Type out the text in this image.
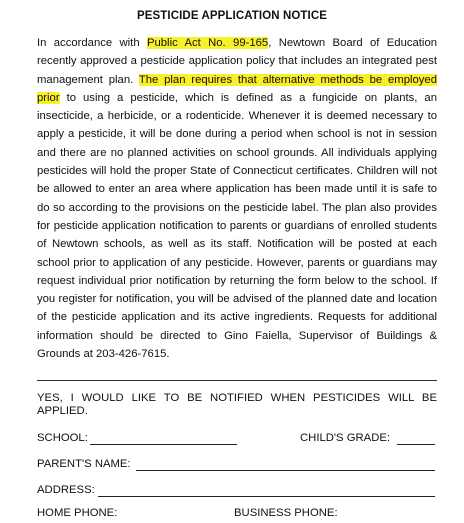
PESTICIDE APPLICATION NOTICE

In accordance with Public Act No. 99-165, Newtown Board of Education recently approved a pesticide application policy that includes an integrated pest management plan. The plan requires that alternative methods be employed prior to using a pesticide, which is defined as a fungicide on plants, an insecticide, a herbicide, or a rodenticide. Whenever it is deemed necessary to apply a pesticide, it will be done during a period when school is not in session and there are no planned activities on school grounds. All individuals applying pesticides will hold the proper State of Connecticut certificates. Children will not be allowed to enter an area where application has been made until it is safe to do so according to the provisions on the pesticide label. The plan also provides for pesticide application notification to parents or guardians of enrolled students of Newtown schools, as well as its staff. Notification will be posted at each school prior to application of any pesticide. However, parents or guardians may request individual prior notification by returning the form below to the school. If you register for notification, you will be advised of the planned date and location of the pesticide application and its active ingredients. Requests for additional information should be directed to Gino Faiella, Supervisor of Buildings & Grounds at 203-426-7615.

YES, I WOULD LIKE TO BE NOTIFIED WHEN PESTICIDES WILL BE APPLIED.

SCHOOL:	CHILD'S GRADE:
PARENT'S NAME:
ADDRESS:
HOME PHONE:	BUSINESS PHONE:
